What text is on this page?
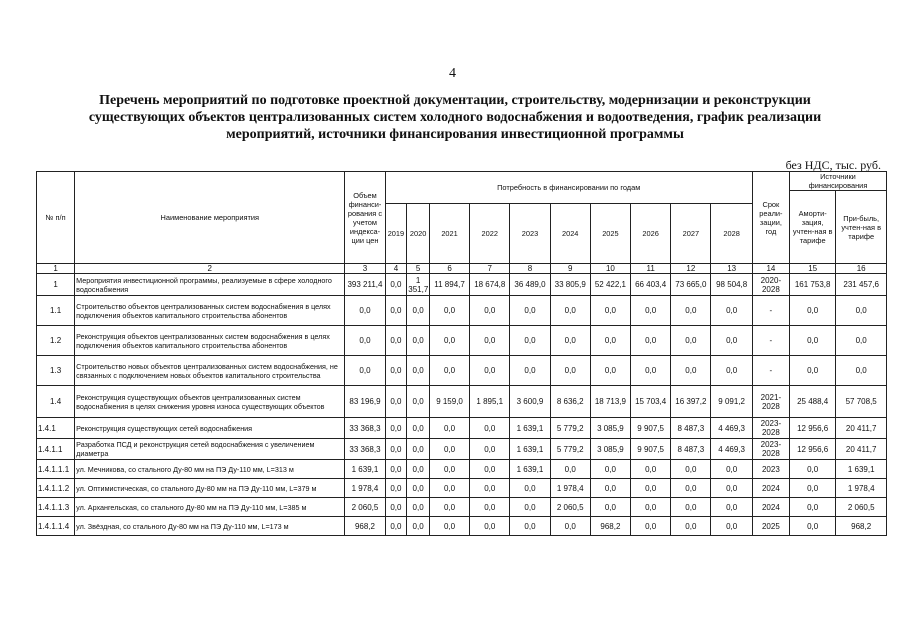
4
Перечень мероприятий по подготовке проектной документации, строительству, модернизации и реконструкции существующих объектов централизованных систем холодного водоснабжения и водоотведения, график реализации мероприятий, источники финансирования инвестиционной программы
без НДС, тыс. руб.
№ п/п	Наименование мероприятия	Объем финанси-рования с учетом индекса-ции цен	Потребность в финансировании по годам										Срок реали-зации, год	Источники финансирования	
														Аморти-зация, учтен-ная в тарифе	При-быль, учтен-ная в тарифе
			2019	2020	2021	2022	2023	2024	2025	2026	2027	2028			
1	2	3	4	5	6	7	8	9	10	11	12	13	14	15	16
1	Мероприятия инвестиционной программы, реализуемые в сфере холодного водоснабжения	393 211,4	0,0	1 351,7	11 894,7	18 674,8	36 489,0	33 805,9	52 422,1	66 403,4	73 665,0	98 504,8	2020-2028	161 753,8	231 457,6
1.1	Строительство объектов централизованных систем водоснабжения в целях подключения объектов капитального строительства абонентов	0,0	0,0	0,0	0,0	0,0	0,0	0,0	0,0	0,0	0,0	0,0	-	0,0	0,0
1.2	Реконструкция объектов централизованных систем водоснабжения в целях подключения объектов капитального строительства абонентов	0,0	0,0	0,0	0,0	0,0	0,0	0,0	0,0	0,0	0,0	0,0	-	0,0	0,0
1.3	Строительство новых объектов централизованных систем водоснабжения, не связанных с подключением новых объектов капитального строительства	0,0	0,0	0,0	0,0	0,0	0,0	0,0	0,0	0,0	0,0	0,0	-	0,0	0,0
1.4	Реконструкция существующих объектов централизованных систем водоснабжения в целях снижения уровня износа существующих объектов	83 196,9	0,0	0,0	9 159,0	1 895,1	3 600,9	8 636,2	18 713,9	15 703,4	16 397,2	9 091,2	2021-2028	25 488,4	57 708,5
1.4.1	Реконструкция существующих сетей водоснабжения	33 368,3	0,0	0,0	0,0	0,0	1 639,1	5 779,2	3 085,9	9 907,5	8 487,3	4 469,3	2023-2028	12 956,6	20 411,7
1.4.1.1	Разработка ПСД и реконструкция сетей водоснабжения с увеличением диаметра	33 368,3	0,0	0,0	0,0	0,0	1 639,1	5 779,2	3 085,9	9 907,5	8 487,3	4 469,3	2023-2028	12 956,6	20 411,7
1.4.1.1.1	ул. Мечникова, со стального Ду-80 мм на ПЭ Ду-110 мм, L=313 м	1 639,1	0,0	0,0	0,0	0,0	1 639,1	0,0	0,0	0,0	0,0	0,0	2023	0,0	1 639,1
1.4.1.1.2	ул. Оптимистическая, со стального Ду-80 мм на ПЭ Ду-110 мм, L=379 м	1 978,4	0,0	0,0	0,0	0,0	0,0	1 978,4	0,0	0,0	0,0	0,0	2024	0,0	1 978,4
1.4.1.1.3	ул. Архангельская, со стального Ду-80 мм на ПЭ Ду-110 мм, L=385 м	2 060,5	0,0	0,0	0,0	0,0	0,0	2 060,5	0,0	0,0	0,0	0,0	2024	0,0	2 060,5
1.4.1.1.4	ул. Звёздная, со стального Ду-80 мм на ПЭ Ду-110 мм, L=173 м	968,2	0,0	0,0	0,0	0,0	0,0	0,0	968,2	0,0	0,0	0,0	2025	0,0	968,2
